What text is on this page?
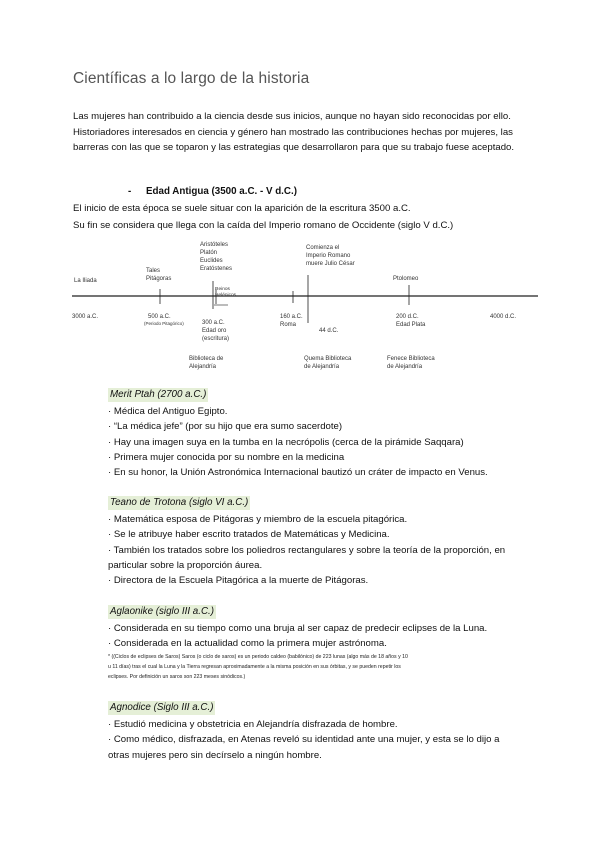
Científicas a lo largo de la historia
Las mujeres han contribuido a la ciencia desde sus inicios, aunque no hayan sido reconocidas por ello. Historiadores interesados en ciencia y género han mostrado las contribuciones hechas por mujeres, las barreras con las que se toparon y las estrategias que desarrollaron para que su trabajo fuese aceptado.
- Edad Antigua (3500 a.C. - V d.C.)
El inicio de esta época se suele situar con la aparición de la escritura 3500 a.C.
Su fin se considera que llega con la caída del Imperio romano de Occidente (siglo V d.C.)
La Iliada
Tales
Pitágoras
Aristóteles
Platón
Euclides
Eratóstenes
Reinos
Helénicos
Comienza el
Imperio Romano
muere Julio César
Ptolomeo
3000 a.C.	500 a.C.
(Periodo Pitagórico)	300 a.C.
Edad oro
(escritura)
160 a.C.
Roma
44 d.C.
200 d.C.
Edad Plata
4000 d.C.
Biblioteca de
Alejandría
Quema Biblioteca
de Alejandría
Fenece Biblioteca
de Alejandría
Merit Ptah (2700 a.C.)
· Médica del Antiguo Egipto.
· “La médica jefe” (por su hijo que era sumo sacerdote)
· Hay una imagen suya en la tumba en la necrópolis (cerca de la pirámide Saqqara)
· Primera mujer conocida por su nombre en la medicina
· En su honor, la Unión Astronómica Internacional bautizó un cráter de impacto en Venus.
Teano de Trotona (siglo VI a.C.)
· Matemática esposa de Pitágoras y miembro de la escuela pitagórica.
· Se le atribuye haber escrito tratados de Matemáticas y Medicina.
· También los tratados sobre los poliedros rectangulares y sobre la teoría de la proporción, en
particular sobre la proporción áurea.
· Directora de la Escuela Pitagórica a la muerte de Pitágoras.
Aglaonike (siglo III a.C.)
· Considerada en su tiempo como una bruja al ser capaz de predecir eclipses de la Luna.
· Considerada en la actualidad como la primera mujer astrónoma.
* ((Ciclos de eclipses de Saros) Saros (o ciclo de saros) es un periodo caldeo (babilónico) de 223 lunas (algo más de 18 años y 10
u 11 días) tras el cual la Luna y la Tierra regresan aproximadamente a la misma posición en sus órbitas, y se pueden repetir los
eclipses. Por definición un saros son 223 meses sinódicos.)
Agnodice (Siglo III a.C.)
· Estudió medicina y obstetricia en Alejandría disfrazada de hombre.
· Como médico, disfrazada, en Atenas reveló su identidad ante una mujer, y esta se lo dijo a
otras mujeres pero sin decírselo a ningún hombre.
